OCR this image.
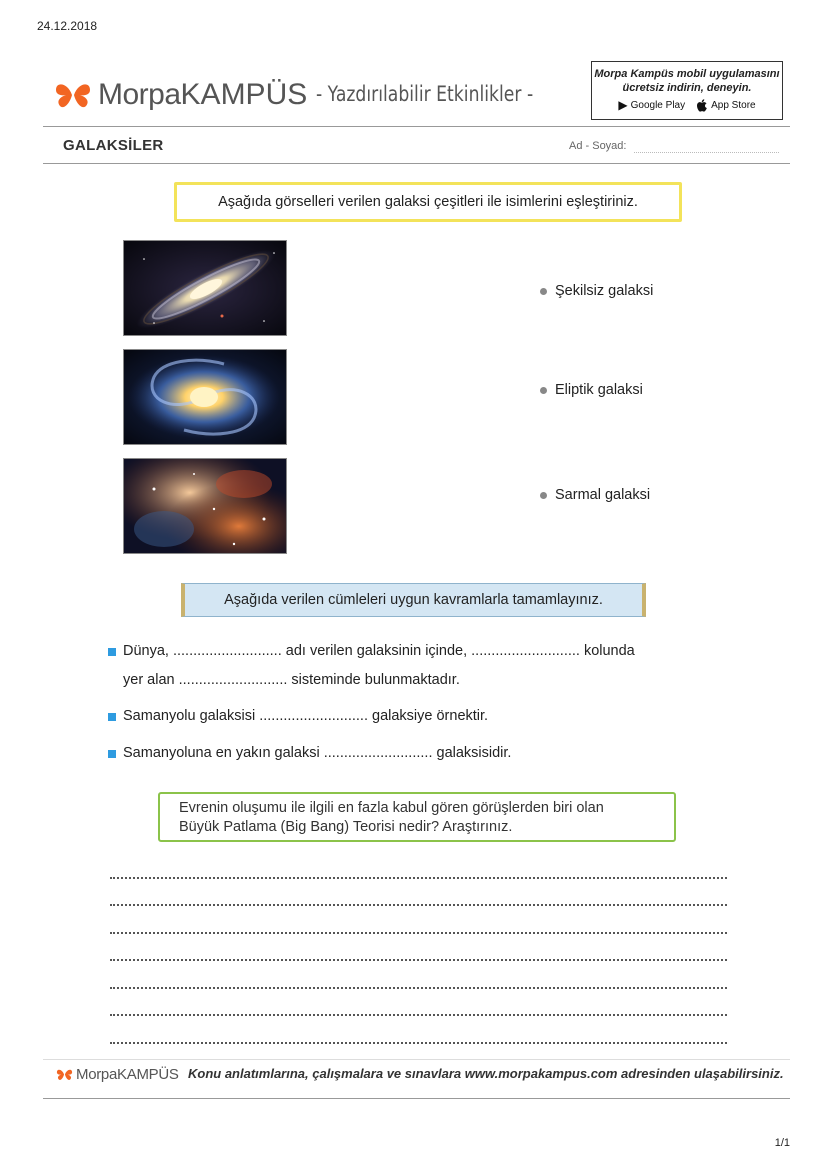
24.12.2018
MorpaKAMPÜS - Yazdırılabilir Etkinlikler -
Morpa Kampüs mobil uygulamasını
ücretsiz indirin, deneyin.
▶ Google Play	App Store
GALAKSİLER	Ad - Soyad:
Aşağıda görselleri verilen galaksi çeşitleri ile isimlerini eşleştiriniz.
Şekilsiz galaksi
Eliptik galaksi
Sarmal galaksi
Aşağıda verilen cümleleri uygun kavramlarla tamamlayınız.
Dünya, ........................... adı verilen galaksinin içinde, ........................... kolunda
yer alan ........................... sisteminde bulunmaktadır.
Samanyolu galaksisi ........................... galaksiye örnektir.
Samanyoluna en yakın galaksi ........................... galaksisidir.
Evrenin oluşumu ile ilgili en fazla kabul gören görüşlerden biri olan
Büyük Patlama (Big Bang) Teorisi nedir? Araştırınız.
MorpaKAMPÜS Konu anlatımlarına, çalışmalara ve sınavlara www.morpakampus.com adresinden ulaşabilirsiniz.
1/1
